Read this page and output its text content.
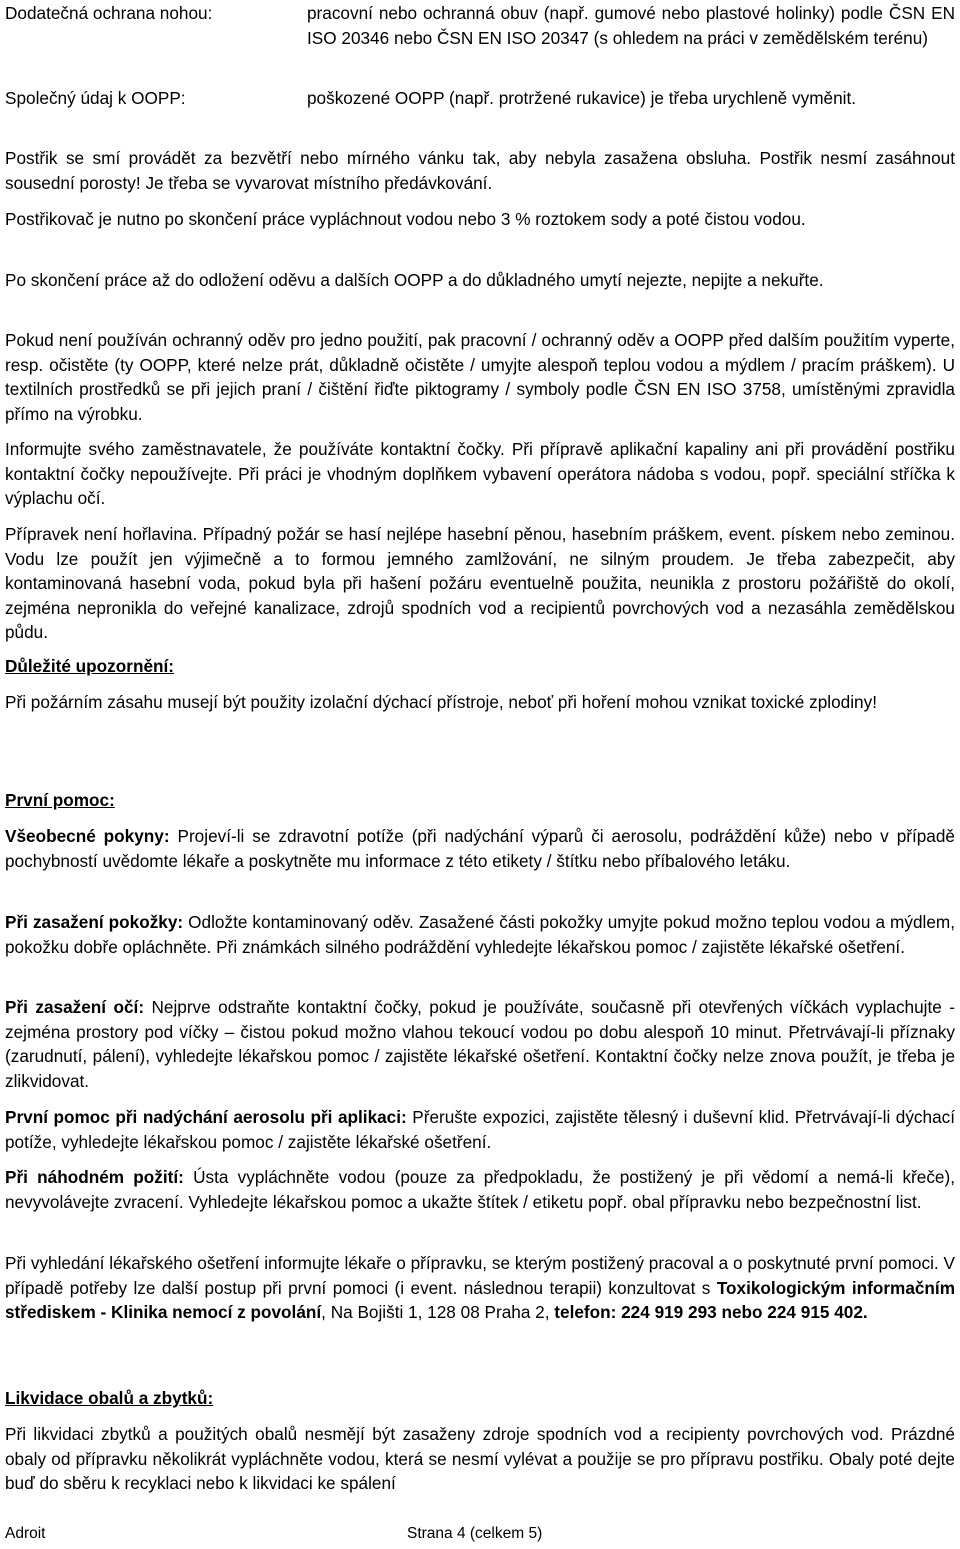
Dodatečná ochrana nohou:	pracovní nebo ochranná obuv (např. gumové nebo plastové holinky) podle ČSN EN ISO 20346 nebo ČSN EN ISO 20347 (s ohledem na práci v zemědělském terénu)
Společný údaj k OOPP:	poškozené OOPP (např. protržené rukavice) je třeba urychleně vyměnit.

Postřik se smí provádět za bezvětří nebo mírného vánku tak, aby nebyla zasažena obsluha. Postřik nesmí zasáhnout sousední porosty! Je třeba se vyvarovat místního předávkování.

Postřikovač je nutno po skončení práce vypláchnout vodou nebo 3 % roztokem sody a poté čistou vodou.

Po skončení práce až do odložení oděvu a dalších OOPP a do důkladného umytí nejezte, nepijte a nekuřte.

Pokud není používán ochranný oděv pro jedno použití, pak pracovní / ochranný oděv a OOPP před dalším použitím vyperte, resp. očistěte (ty OOPP, které nelze prát, důkladně očistěte / umyjte alespoň teplou vodou a mýdlem / pracím práškem). U textilních prostředků se při jejich praní / čištění řiďte piktogramy / symboly podle ČSN EN ISO 3758, umístěnými zpravidla přímo na výrobku.

Informujte svého zaměstnavatele, že používáte kontaktní čočky. Při přípravě aplikační kapaliny ani při provádění postřiku kontaktní čočky nepoužívejte. Při práci je vhodným doplňkem vybavení operátora nádoba s vodou, popř. speciální stříčka k výplachu očí.

Přípravek není hořlavina. Případný požár se hasí nejlépe hasební pěnou, hasebním práškem, event. pískem nebo zeminou. Vodu lze použít jen výjimečně a to formou jemného zamlžování, ne silným proudem. Je třeba zabezpečit, aby kontaminovaná hasební voda, pokud byla při hašení požáru eventuelně použita, neunikla z prostoru požářiště do okolí, zejména nepronikla do veřejné kanalizace, zdrojů spodních vod a recipientů povrchových vod a nezasáhla zemědělskou půdu.

Důležité upozornění:

Při požárním zásahu musejí být použity izolační dýchací přístroje, neboť při hoření mohou vznikat toxické zplodiny!

První pomoc:

Všeobecné pokyny: Projeví-li se zdravotní potíže (při nadýchání výparů či aerosolu, podráždění kůže) nebo v případě pochybností uvědomte lékaře a poskytněte mu informace z této etikety / štítku nebo příbalového letáku.

Při zasažení pokožky: Odložte kontaminovaný oděv. Zasažené části pokožky umyjte pokud možno teplou vodou a mýdlem, pokožku dobře opláchněte. Při známkách silného podráždění vyhledejte lékařskou pomoc / zajistěte lékařské ošetření.

Při zasažení očí: Nejprve odstraňte kontaktní čočky, pokud je používáte, současně při otevřených víčkách vyplachujte - zejména prostory pod víčky – čistou pokud možno vlahou tekoucí vodou po dobu alespoň 10 minut. Přetrvávají-li příznaky (zarudnutí, pálení), vyhledejte lékařskou pomoc / zajistěte lékařské ošetření. Kontaktní čočky nelze znova použít, je třeba je zlikvidovat.

První pomoc při nadýchání aerosolu při aplikaci: Přerušte expozici, zajistěte tělesný i duševní klid. Přetrvávají-li dýchací potíže, vyhledejte lékařskou pomoc / zajistěte lékařské ošetření.

Při náhodném požití: Ústa vypláchněte vodou (pouze za předpokladu, že postižený je při vědomí a nemá-li křeče), nevyvolávejte zvracení. Vyhledejte lékařskou pomoc a ukažte štítek / etiketu popř. obal přípravku nebo bezpečnostní list.

Při vyhledání lékařského ošetření informujte lékaře o přípravku, se kterým postižený pracoval a o poskytnuté první pomoci. V případě potřeby lze další postup při první pomoci (i event. následnou terapii) konzultovat s Toxikologickým informačním střediskem - Klinika nemocí z povolání, Na Bojišti 1, 128 08 Praha 2, telefon: 224 919 293 nebo 224 915 402.

Likvidace obalů a zbytků:

Při likvidaci zbytků a použitých obalů nesmějí být zasaženy zdroje spodních vod a recipienty povrchových vod. Prázdné obaly od přípravku několikrát vypláchněte vodou, která se nesmí vylévat a použije se pro přípravu postřiku. Obaly poté dejte buď do sběru k recyklaci nebo k likvidaci ke spálení

Adroit	Strana 4 (celkem 5)
